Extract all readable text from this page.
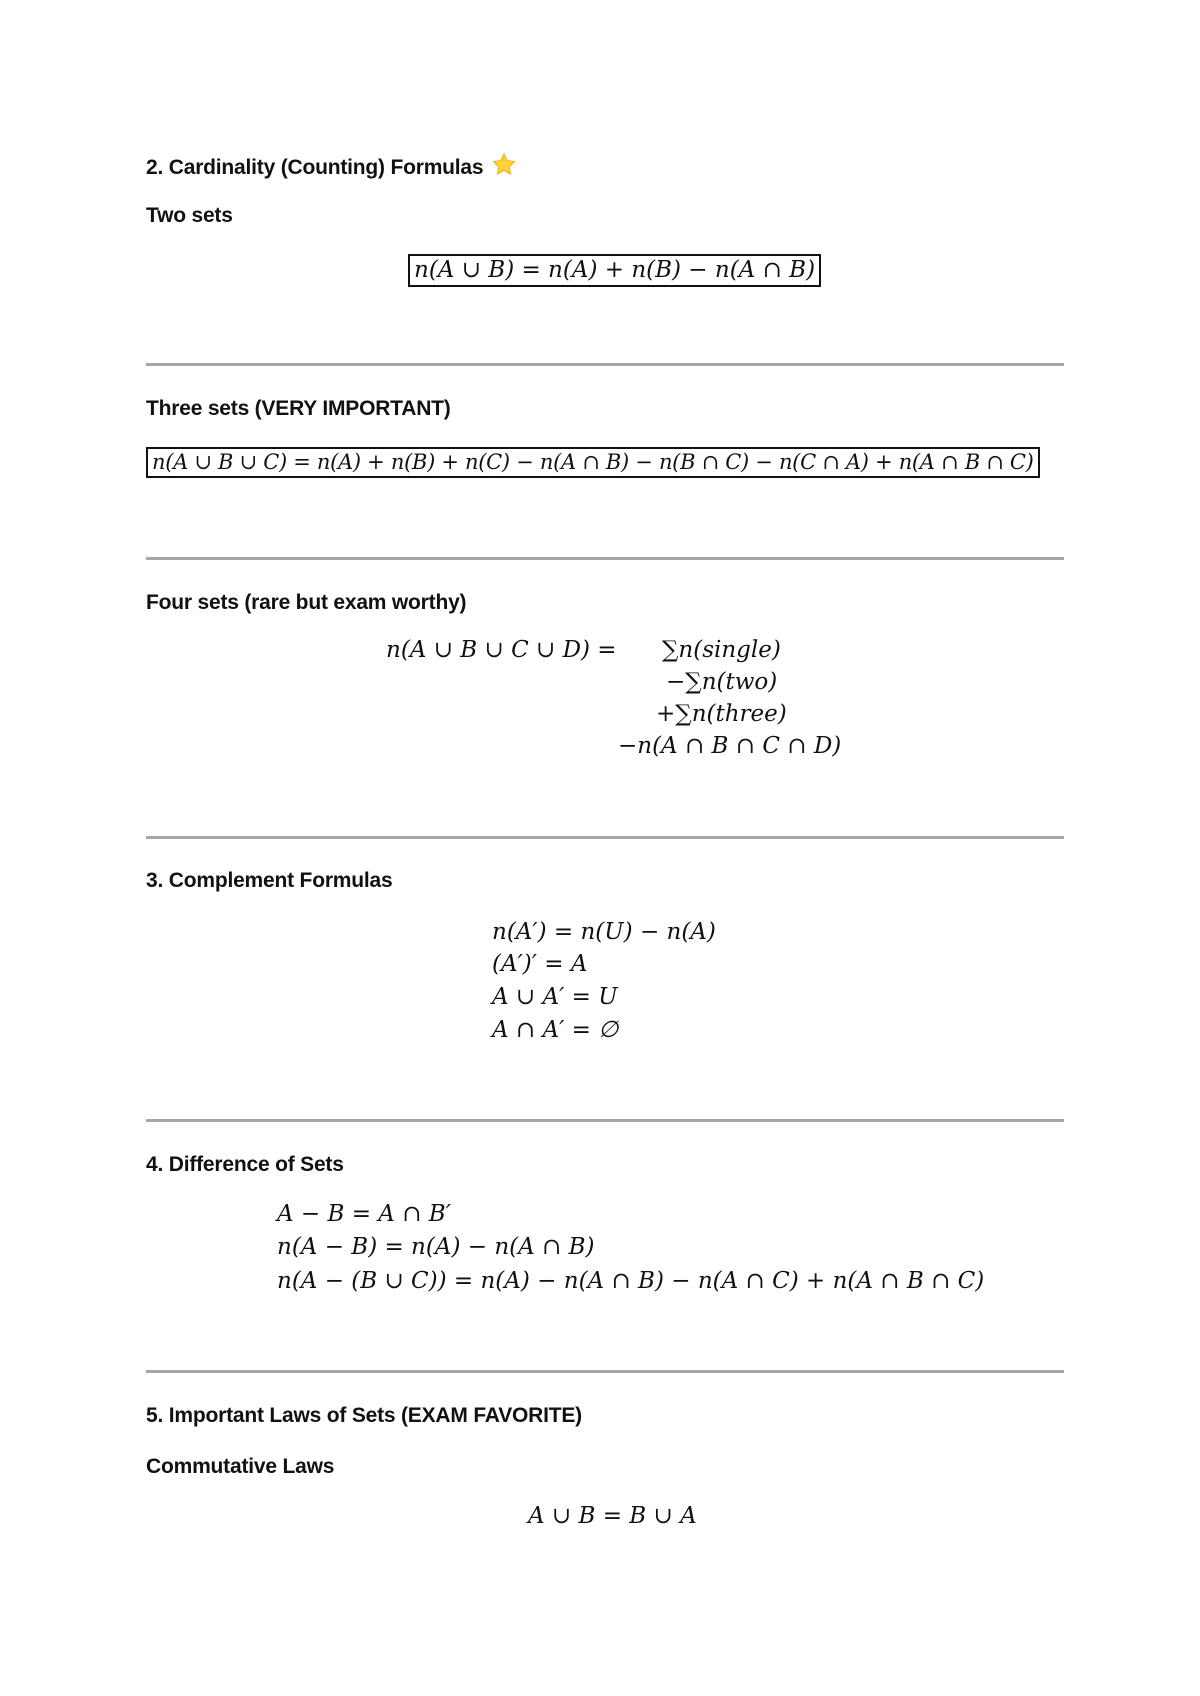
2. Cardinality (Counting) Formulas
Two sets
n(A ∪ B) = n(A) + n(B) − n(A ∩ B)
Three sets (VERY IMPORTANT)
n(A ∪ B ∪ C) = n(A) + n(B) + n(C) − n(A ∩ B) − n(B ∩ C) − n(C ∩ A) + n(A ∩ B ∩ C)
Four sets (rare but exam worthy)
n(A ∪ B ∪ C ∪ D) = ∑n(single)
−∑n(two)
+∑n(three)
−n(A ∩ B ∩ C ∩ D)
3. Complement Formulas
n(A′) = n(U) − n(A)
(A′)′ = A
A ∪ A′ = U
A ∩ A′ = ∅
4. Difference of Sets
A − B = A ∩ B′
n(A − B) = n(A) − n(A ∩ B)
n(A − (B ∪ C)) = n(A) − n(A ∩ B) − n(A ∩ C) + n(A ∩ B ∩ C)
5. Important Laws of Sets (EXAM FAVORITE)
Commutative Laws
A ∪ B = B ∪ A
